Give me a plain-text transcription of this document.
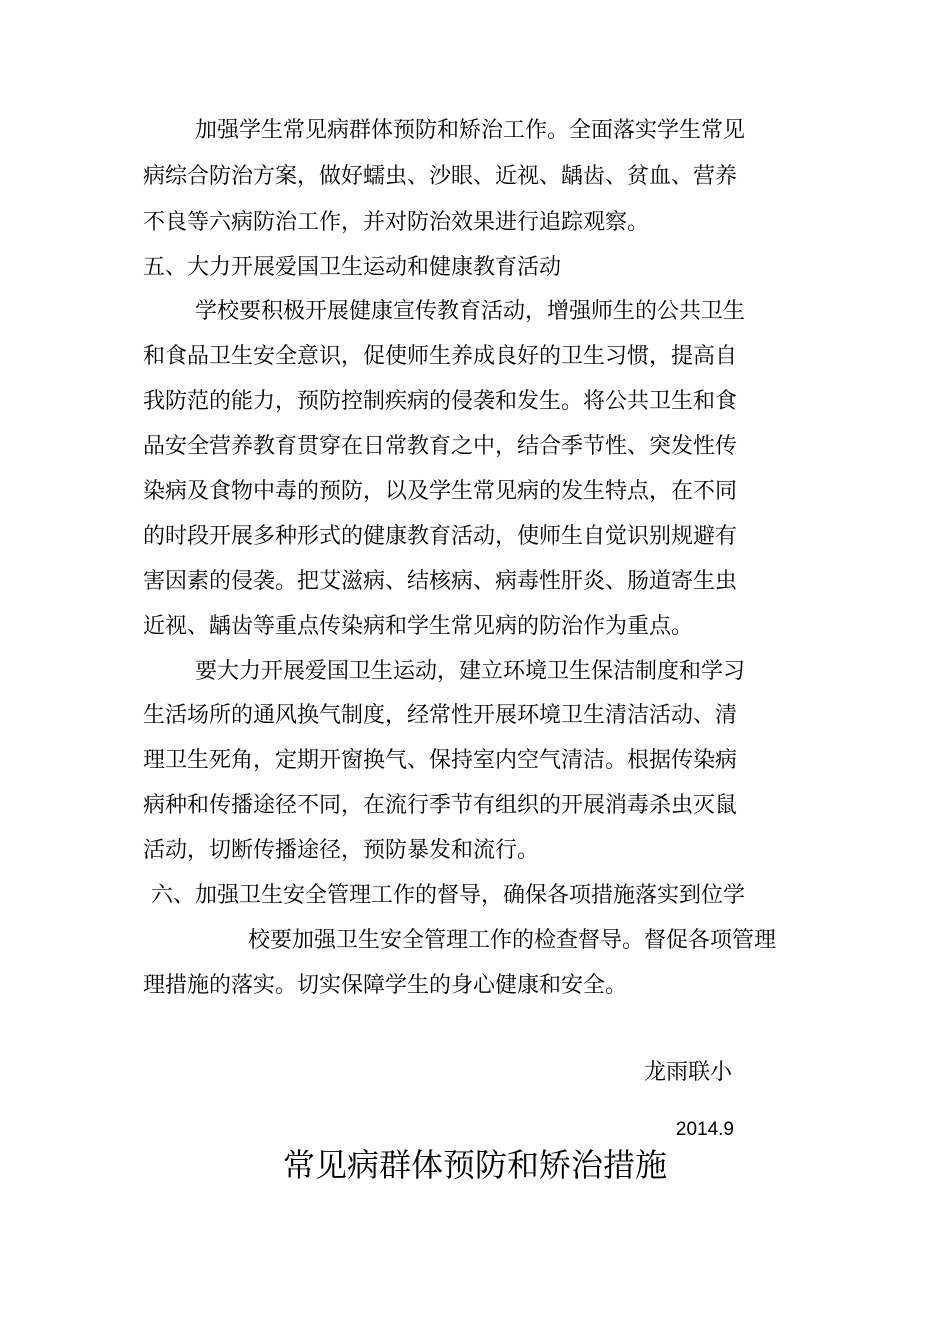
加强学生常见病群体预防和矫治工作。全面落实学生常见
病综合防治方案，做好蠕虫、沙眼、近视、龋齿、贫血、营养
不良等六病防治工作，并对防治效果进行追踪观察。
五、大力开展爱国卫生运动和健康教育活动
学校要积极开展健康宣传教育活动，增强师生的公共卫生
和食品卫生安全意识，促使师生养成良好的卫生习惯，提高自
我防范的能力，预防控制疾病的侵袭和发生。将公共卫生和食
品安全营养教育贯穿在日常教育之中，结合季节性、突发性传
染病及食物中毒的预防，以及学生常见病的发生特点，在不同
的时段开展多种形式的健康教育活动，使师生自觉识别规避有
害因素的侵袭。把艾滋病、结核病、病毒性肝炎、肠道寄生虫
近视、龋齿等重点传染病和学生常见病的防治作为重点。
要大力开展爱国卫生运动，建立环境卫生保洁制度和学习
生活场所的通风换气制度，经常性开展环境卫生清洁活动、清
理卫生死角，定期开窗换气、保持室内空气清洁。根据传染病
病种和传播途径不同，在流行季节有组织的开展消毒杀虫灭鼠
活动，切断传播途径，预防暴发和流行。
六、加强卫生安全管理工作的督导，确保各项措施落实到位学
校要加强卫生安全管理工作的检查督导。督促各项管理
理措施的落实。切实保障学生的身心健康和安全。
龙雨联小
2014.9
常见病群体预防和矫治措施
